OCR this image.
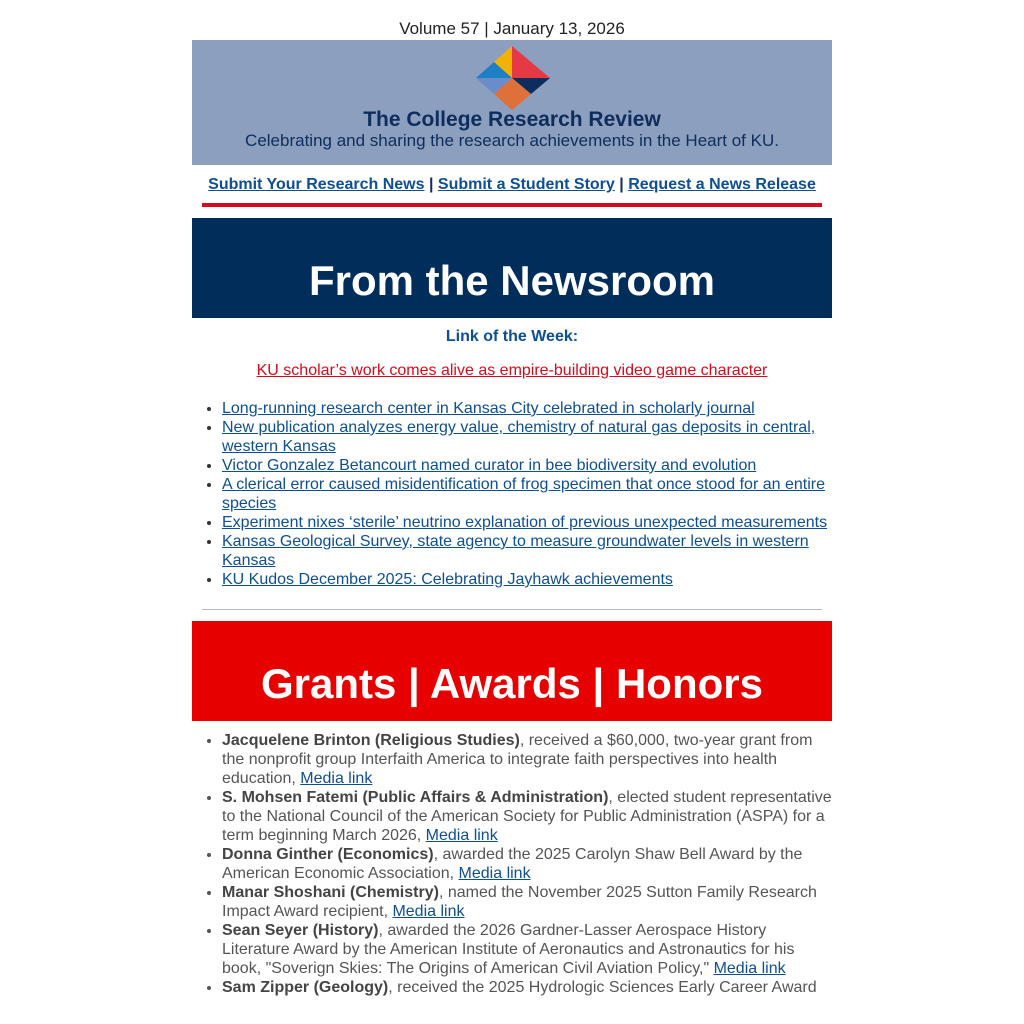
Volume 57 | January 13, 2026
The College Research Review
Celebrating and sharing the research achievements in the Heart of KU.
Submit Your Research News | Submit a Student Story | Request a News Release
From the Newsroom
Link of the Week:
KU scholar’s work comes alive as empire-building video game character
• Long-running research center in Kansas City celebrated in scholarly journal
• New publication analyzes energy value, chemistry of natural gas deposits in central, western Kansas
• Victor Gonzalez Betancourt named curator in bee biodiversity and evolution
• A clerical error caused misidentification of frog specimen that once stood for an entire species
• Experiment nixes ‘sterile’ neutrino explanation of previous unexpected measurements
• Kansas Geological Survey, state agency to measure groundwater levels in western Kansas
• KU Kudos December 2025: Celebrating Jayhawk achievements
Grants | Awards | Honors
• Jacquelene Brinton (Religious Studies), received a $60,000, two-year grant from the nonprofit group Interfaith America to integrate faith perspectives into health education, Media link
• S. Mohsen Fatemi (Public Affairs & Administration), elected student representative to the National Council of the American Society for Public Administration (ASPA) for a term beginning March 2026, Media link
• Donna Ginther (Economics), awarded the 2025 Carolyn Shaw Bell Award by the American Economic Association, Media link
• Manar Shoshani (Chemistry), named the November 2025 Sutton Family Research Impact Award recipient, Media link
• Sean Seyer (History), awarded the 2026 Gardner-Lasser Aerospace History Literature Award by the American Institute of Aeronautics and Astronautics for his book, "Soverign Skies: The Origins of American Civil Aviation Policy," Media link
• Sam Zipper (Geology), received the 2025 Hydrologic Sciences Early Career Award
